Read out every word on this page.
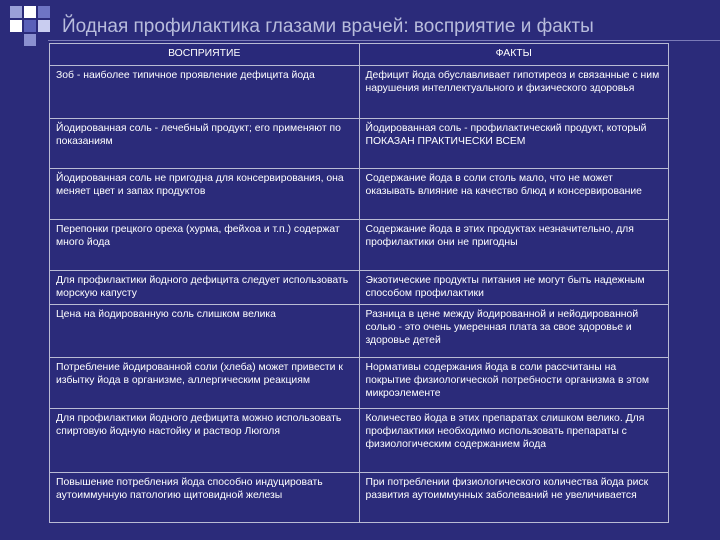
Йодная профилактика глазами врачей: восприятие и факты
ВОСПРИЯТИЕ	ФАКТЫ
Зоб - наиболее типичное проявление дефицита йода	Дефицит йода обуславливает гипотиреоз и связанные с ним нарушения интеллектуального и физического здоровья
Йодированная соль - лечебный продукт; его применяют по показаниям	Йодированная соль - профилактический продукт, который ПОКАЗАН ПРАКТИЧЕСКИ ВСЕМ
Йодированная соль не пригодна для консервирования, она меняет цвет и запах продуктов	Содержание йода в соли столь мало, что не может оказывать влияние на качество блюд и консервирование
Перепонки грецкого ореха (хурма, фейхоа и т.п.) содержат много йода	Содержание йода в этих продуктах незначительно, для профилактики они не пригодны
Для профилактики йодного дефицита следует использовать морскую капусту	Экзотические продукты питания не могут быть надежным способом профилактики
Цена на йодированную соль слишком велика	Разница в цене между йодированной и нейодированной солью - это очень умеренная плата за свое здоровье и здоровье детей
Потребление йодированной соли (хлеба) может привести к избытку йода в организме, аллергическим реакциям	Нормативы содержания йода в соли рассчитаны на покрытие физиологической потребности организма в этом микроэлементе
Для профилактики йодного дефицита можно использовать спиртовую йодную настойку и раствор Люголя	Количество йода в этих препаратах слишком велико. Для профилактики необходимо использовать препараты с физиологическим содержанием йода
Повышение потребления йода способно индуцировать аутоиммунную патологию щитовидной железы	При потреблении физиологического количества йода риск развития аутоиммунных заболеваний не увеличивается
